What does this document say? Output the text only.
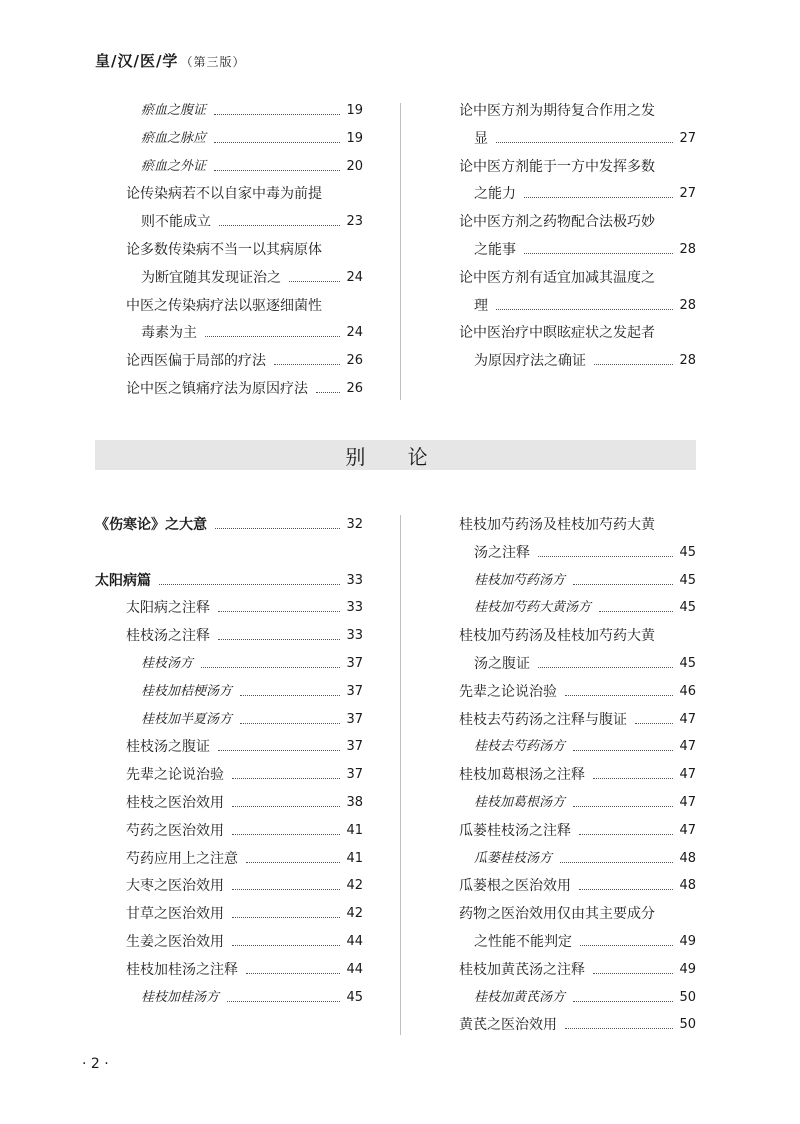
皇/汉/医/学 （第三版）
别 论
瘀血之腹证	19
瘀血之脉应	19
瘀血之外证	20
论传染病若不以自家中毒为前提
则不能成立	23
论多数传染病不当一以其病原体
为断宜随其发现证治之	24
中医之传染病疗法以驱逐细菌性
毒素为主	24
论西医偏于局部的疗法	26
论中医之镇痛疗法为原因疗法	26
论中医方剂为期待复合作用之发
显	27
论中医方剂能于一方中发挥多数
之能力	27
论中医方剂之药物配合法极巧妙
之能事	28
论中医方剂有适宜加减其温度之
理	28
论中医治疗中瞑眩症状之发起者
为原因疗法之确证	28
《伤寒论》之大意	32
太阳病篇	33
太阳病之注释	33
桂枝汤之注释	33
桂枝汤方	37
桂枝加桔梗汤方	37
桂枝加半夏汤方	37
桂枝汤之腹证	37
先辈之论说治验	37
桂枝之医治效用	38
芍药之医治效用	41
芍药应用上之注意	41
大枣之医治效用	42
甘草之医治效用	42
生姜之医治效用	44
桂枝加桂汤之注释	44
桂枝加桂汤方	45
桂枝加芍药汤及桂枝加芍药大黄
汤之注释	45
桂枝加芍药汤方	45
桂枝加芍药大黄汤方	45
桂枝加芍药汤及桂枝加芍药大黄
汤之腹证	45
先辈之论说治验	46
桂枝去芍药汤之注释与腹证	47
桂枝去芍药汤方	47
桂枝加葛根汤之注释	47
桂枝加葛根汤方	47
瓜蒌桂枝汤之注释	47
瓜蒌桂枝汤方	48
瓜蒌根之医治效用	48
药物之医治效用仅由其主要成分
之性能不能判定	49
桂枝加黄芪汤之注释	49
桂枝加黄芪汤方	50
黄芪之医治效用	50
· 2 ·
